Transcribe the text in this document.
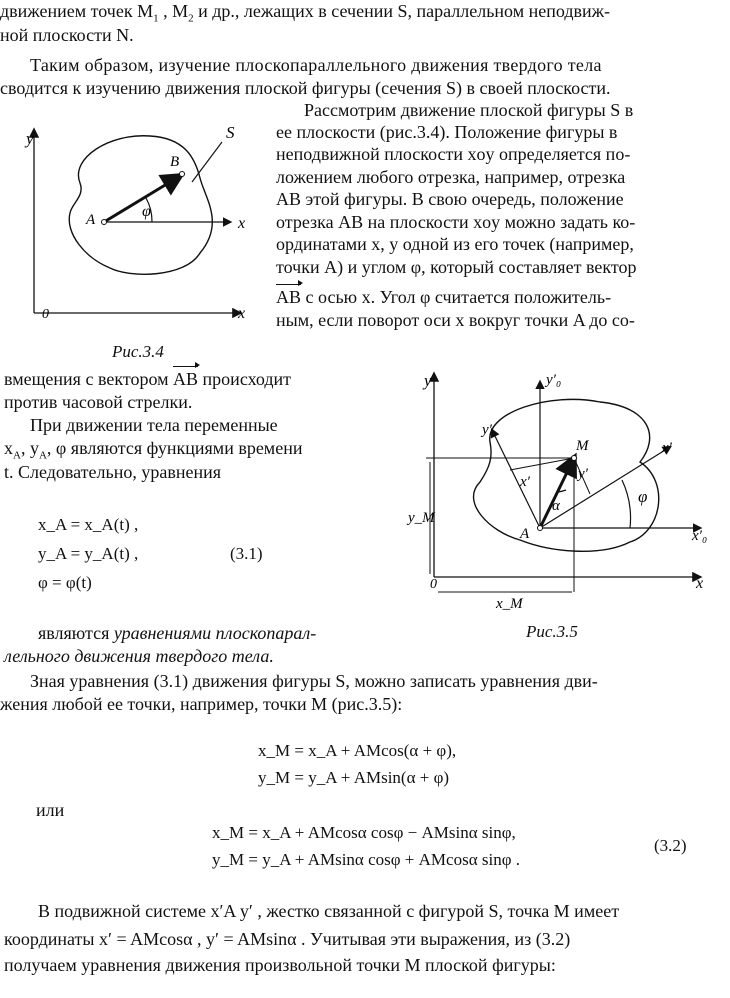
движением точек $M_1$ , $M_2$ и др., лежащих в сечении S, параллельном неподвиж-
ной плоскости N.
Таким образом, изучение плоскопараллельного движения твердого тела
сводится к изучению движения плоской фигуры (сечения S) в своей плоскости.
Рассмотрим движение плоской фигуры S в
ее плоскости (рис.3.4). Положение фигуры в
неподвижной плоскости xoy определяется по-
ложением любого отрезка, например, отрезка
AB этой фигуры. В свою очередь, положение
отрезка AB на плоскости xoy можно задать ко-
ординатами x, y одной из его точек (например,
точки A) и углом φ, который составляет вектор
AB с осью x. Угол φ считается положитель-
ным, если поворот оси x вокруг точки A до со-
вмещения с вектором AB происходит
против часовой стрелки.
При движении тела переменные
$x_A$, $y_A$, φ являются функциями времени
t. Следовательно, уравнения
x_A = x_A(t) ,
y_A = y_A(t) ,
φ = φ(t)
(3.1)
являются уравнениями плоскопарал-
лельного движения твердого тела.
Зная уравнения (3.1) движения фигуры S, можно записать уравнения дви-
жения любой ее точки, например, точки M (рис.3.5):
x_M = x_A + AMcos(α + φ),
y_M = y_A + AMsin(α + φ)
или
x_M = x_A + AMcosα cosφ − AMsinα sinφ,
y_M = y_A + AMsinα cosφ + AMcosα sinφ .
(3.2)
В подвижной системе x′A y′ , жестко связанной с фигурой S, точка M имеет
координаты x′ = AMcosα , y′ = AMsinα . Учитывая эти выражения, из (3.2)
получаем уравнения движения произвольной точки M плоской фигуры:
y
x
x
0
A
B
S
φ
Рис.3.4
y	y′₀
y′
y′
x′
x′
x′₀
x
M
A
0
y_M
x_M
α	φ
Рис.3.5
